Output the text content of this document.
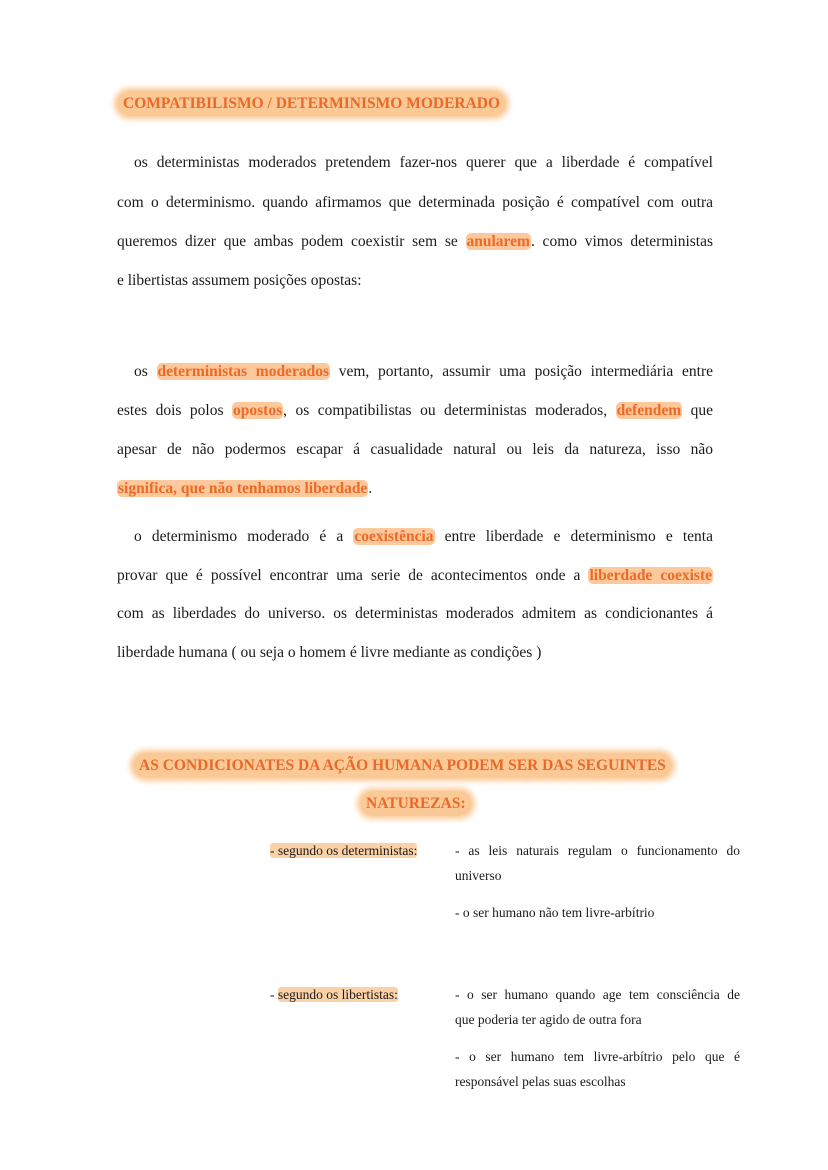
COMPATIBILISMO / DETERMINISMO MODERADO
os deterministas moderados pretendem fazer-nos querer que a liberdade é compatível
com o determinismo. quando afirmamos que determinada posição é compatível com outra
queremos dizer que ambas podem coexistir sem se anularem. como vimos deterministas
e libertistas assumem posições opostas:
os deterministas moderados vem, portanto, assumir uma posição intermediária entre
estes dois polos opostos, os compatibilistas ou deterministas moderados, defendem que
apesar de não podermos escapar á casualidade natural ou leis da natureza, isso não
significa, que não tenhamos liberdade.
o determinismo moderado é a coexistência entre liberdade e determinismo e tenta
provar que é possível encontrar uma serie de acontecimentos onde a liberdade coexiste
com as liberdades do universo. os deterministas moderados admitem as condicionantes á
liberdade humana ( ou seja o homem é livre mediante as condições )
AS CONDICIONATES DA AÇÃO HUMANA PODEM SER DAS SEGUINTES
NATUREZAS:
- segundo os deterministas:	- as leis naturais regulam o funcionamento do
universo
- o ser humano não tem livre-arbítrio
- segundo os libertistas:	- o ser humano quando age tem consciência de
que poderia ter agido de outra fora
- o ser humano tem livre-arbítrio pelo que é
responsável pelas suas escolhas
